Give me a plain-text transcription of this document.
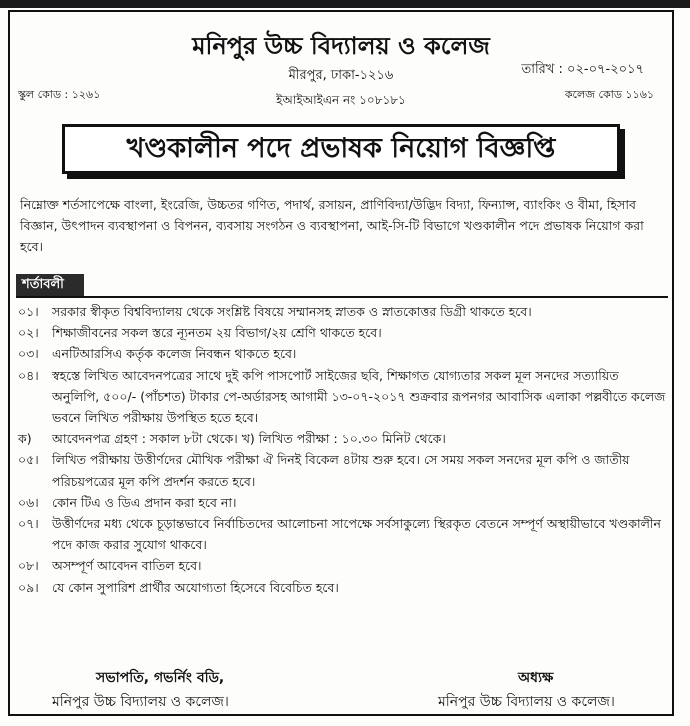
মনিপুর উচ্চ বিদ্যালয় ও কলেজ
মীরপুর, ঢাকা-১২১৬
ইআইআইএন নং ১০৮১৮১
তারিখ : ০২-০৭-২০১৭
স্কুল কোড : ১২৬১	কলেজ কোড ১১৬১
খণ্ডকালীন পদে প্রভাষক নিয়োগ বিজ্ঞপ্তি
নিম্নোক্ত শর্তসাপেক্ষে বাংলা, ইংরেজি, উচ্চতর গণিত, পদার্থ, রসায়ন, প্রাণিবিদ্যা/উদ্ভিদ বিদ্যা, ফিন্যান্স, ব্যাংকিং ও বীমা, হিসাব বিজ্ঞান, উৎপাদন ব্যবস্থাপনা ও বিপনন, ব্যবসায় সংগঠন ও ব্যবস্থাপনা, আই-সি-টি বিভাগে খণ্ডকালীন পদে প্রভাষক নিয়োগ করা হবে।
শর্তাবলী
০১। সরকার স্বীকৃত বিশ্ববিদ্যালয় থেকে সংশ্লিষ্ট বিষয়ে সম্মানসহ স্নাতক ও স্নাতকোত্তর ডিগ্রী থাকতে হবে।
০২। শিক্ষাজীবনের সকল স্তরে ন্যূনতম ২য় বিভাগ/২য় শ্রেণি থাকতে হবে।
০৩। এনটিআরসিএ কর্তৃক কলেজ নিবন্ধন থাকতে হবে।
০৪। স্বহস্তে লিখিত আবেদনপত্রের সাথে দুই কপি পাসপোর্ট সাইজের ছবি, শিক্ষাগত যোগ্যতার সকল মূল সনদের সত্যায়িত অনুলিপি, ৫০০/- (পাঁচশত) টাকার পে-অর্ডারসহ আগামী ১৩-০৭-২০১৭ শুক্রবার রূপনগর আবাসিক এলাকা পল্লবীতে কলেজ ভবনে লিখিত পরীক্ষায় উপস্থিত হতে হবে।
ক) আবেদনপত্র গ্রহণ : সকাল ৮টা থেকে। খ) লিখিত পরীক্ষা : ১০.৩০ মিনিট থেকে।
০৫। লিখিত পরীক্ষায় উত্তীর্ণদের মৌখিক পরীক্ষা ঐ দিনই বিকেল ৪টায় শুরু হবে। সে সময় সকল সনদের মূল কপি ও জাতীয় পরিচয়পত্রের মূল কপি প্রদর্শন করতে হবে।
০৬। কোন টিএ ও ডিএ প্রদান করা হবে না।
০৭। উত্তীর্ণদের মধ্য থেকে চূড়ান্তভাবে নির্বাচিতদের আলোচনা সাপেক্ষে সর্বসাকুল্যে স্থিরকৃত বেতনে সম্পূর্ণ অস্থায়ীভাবে খণ্ডকালীন পদে কাজ করার সুযোগ থাকবে।
০৮। অসম্পূর্ণ আবেদন বাতিল হবে।
০৯। যে কোন সুপারিশ প্রার্থীর অযোগ্যতা হিসেবে বিবেচিত হবে।
সভাপতি, গভর্নিং বডি,
মনিপুর উচ্চ বিদ্যালয় ও কলেজ।
অধ্যক্ষ
মনিপুর উচ্চ বিদ্যালয় ও কলেজ।
